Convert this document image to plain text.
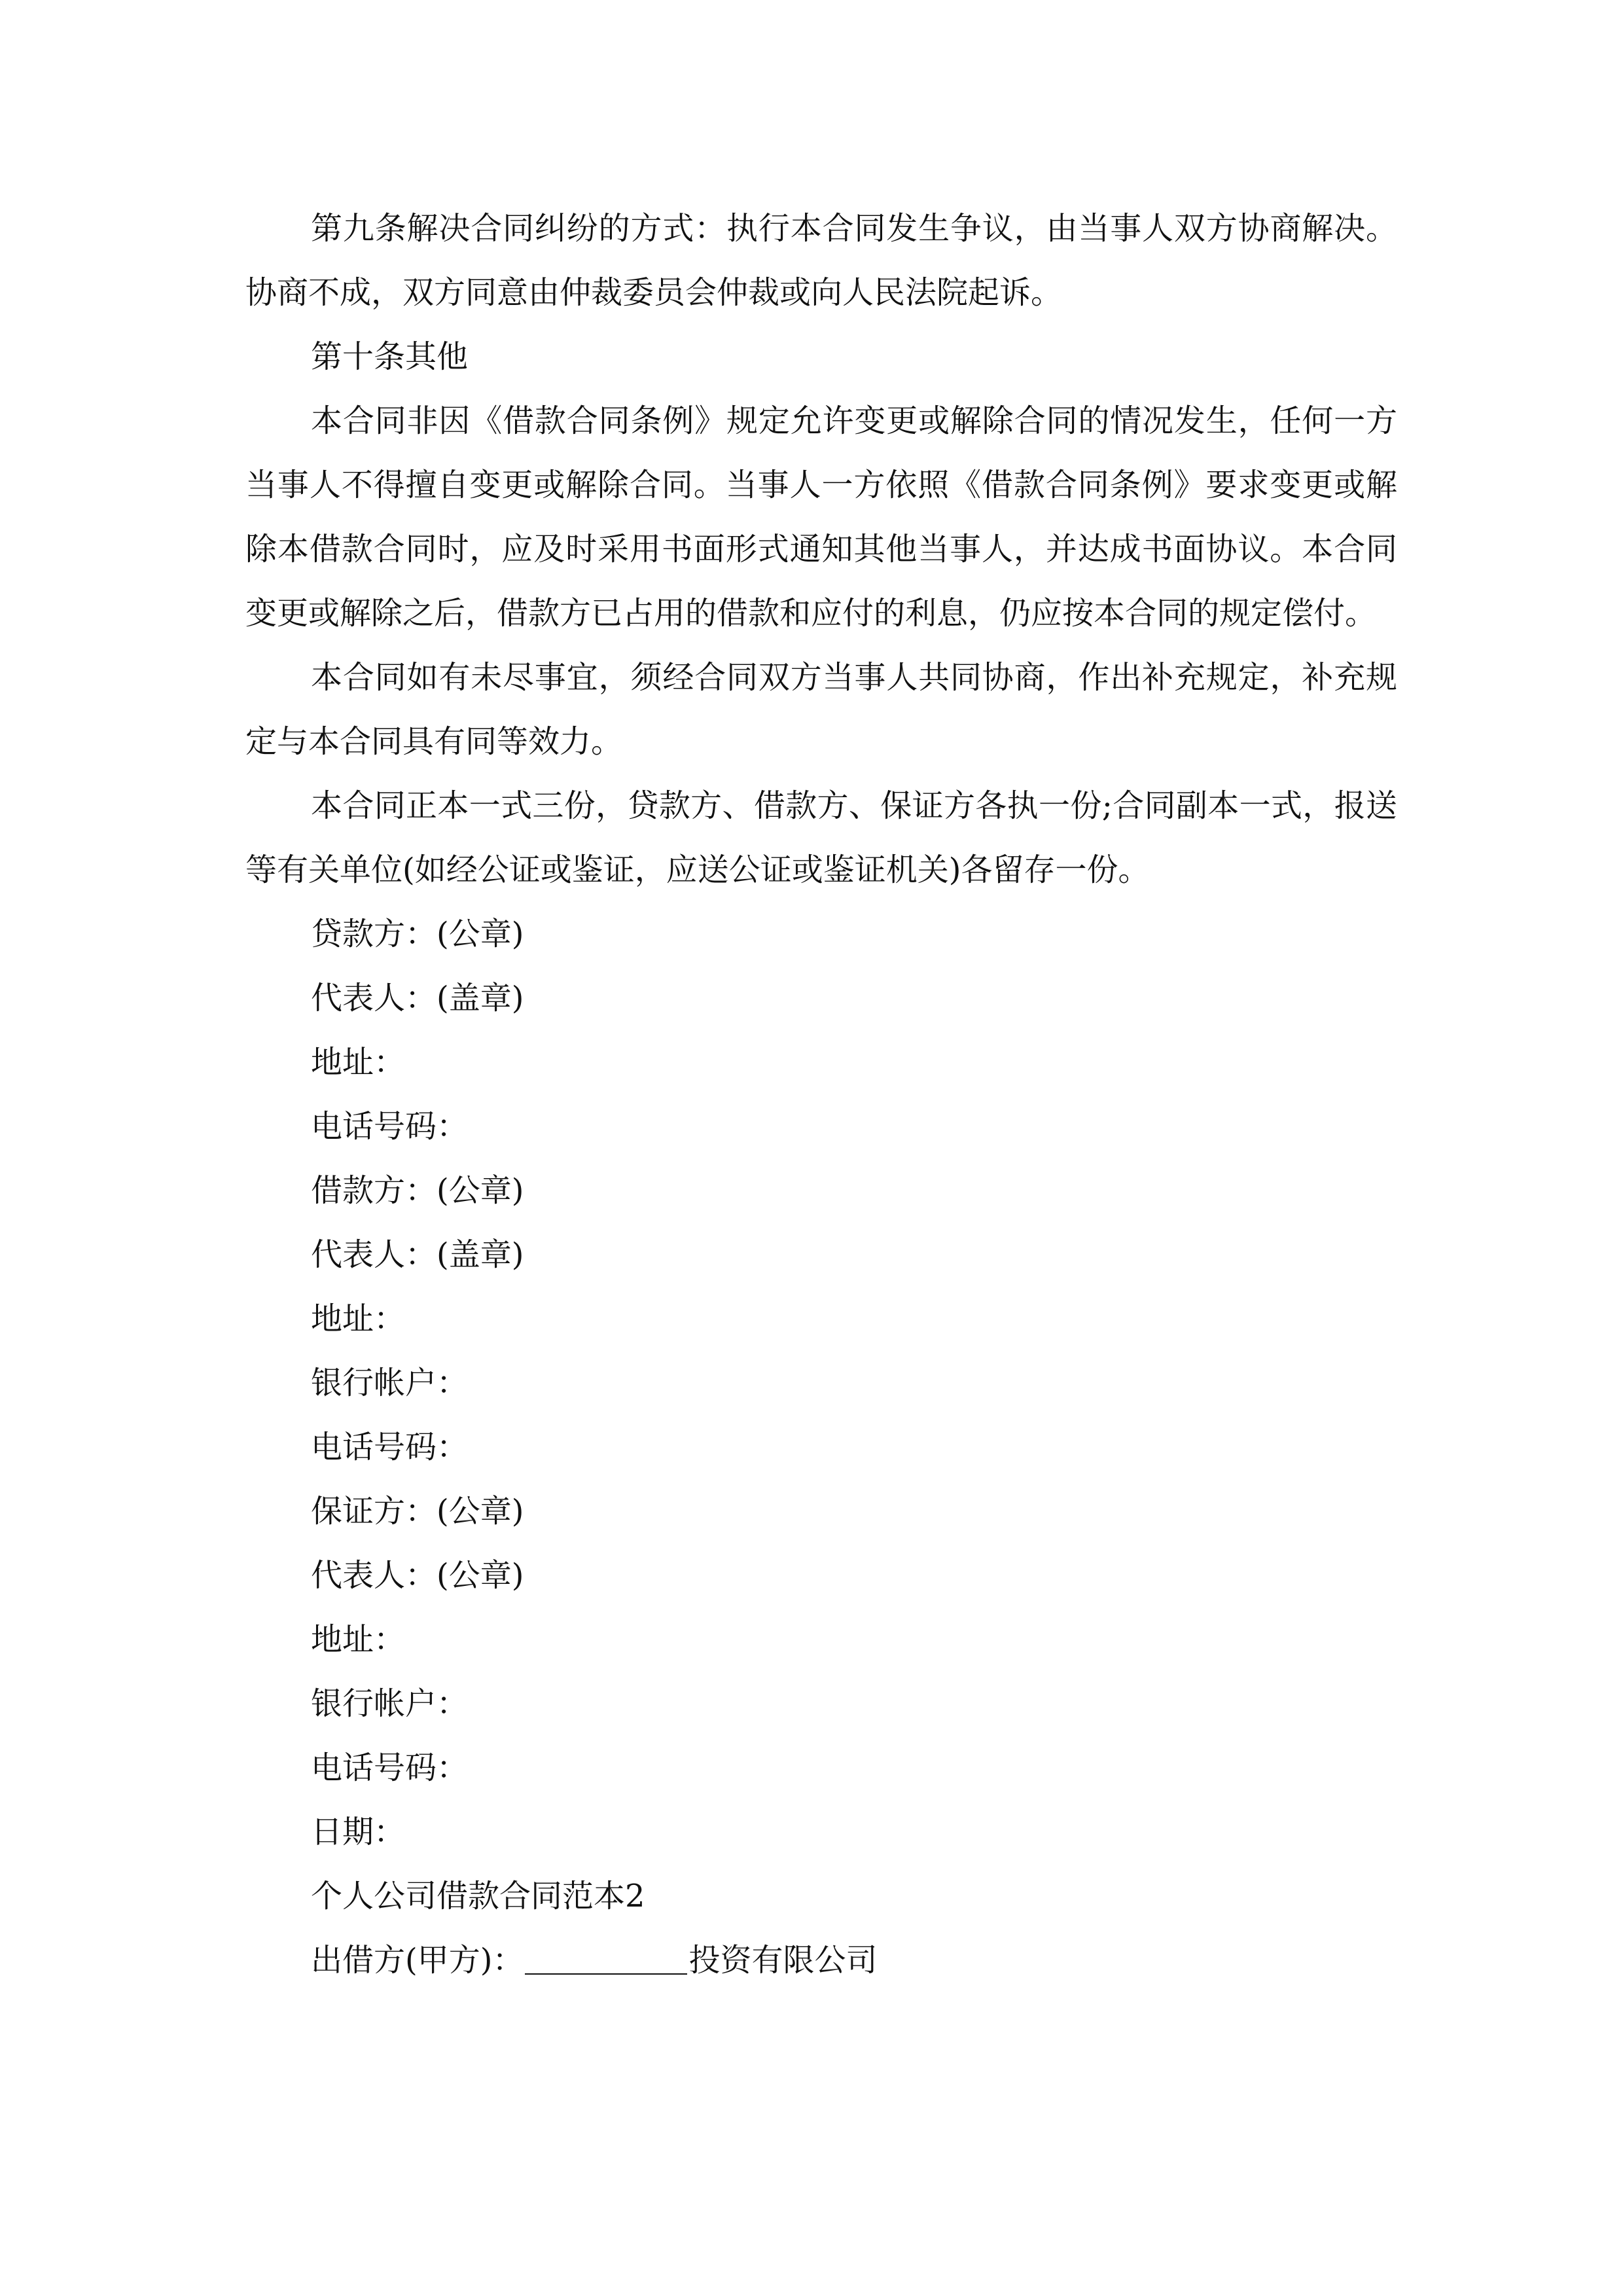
第九条解决合同纠纷的方式：执行本合同发生争议，由当事人双方协商解决。协商不成，双方同意由仲裁委员会仲裁或向人民法院起诉。

第十条其他

本合同非因《借款合同条例》规定允许变更或解除合同的情况发生，任何一方当事人不得擅自变更或解除合同。当事人一方依照《借款合同条例》要求变更或解除本借款合同时，应及时采用书面形式通知其他当事人，并达成书面协议。本合同变更或解除之后，借款方已占用的借款和应付的利息，仍应按本合同的规定偿付。

本合同如有未尽事宜，须经合同双方当事人共同协商，作出补充规定，补充规定与本合同具有同等效力。

本合同正本一式三份，贷款方、借款方、保证方各执一份;合同副本一式，报送等有关单位(如经公证或鉴证，应送公证或鉴证机关)各留存一份。

贷款方：(公章)
代表人：(盖章)
地址：
电话号码：
借款方：(公章)
代表人：(盖章)
地址：
银行帐户：
电话号码：
保证方：(公章)
代表人：(公章)
地址：
银行帐户：
电话号码：
日期：
个人公司借款合同范本2
出借方(甲方)：	投资有限公司
